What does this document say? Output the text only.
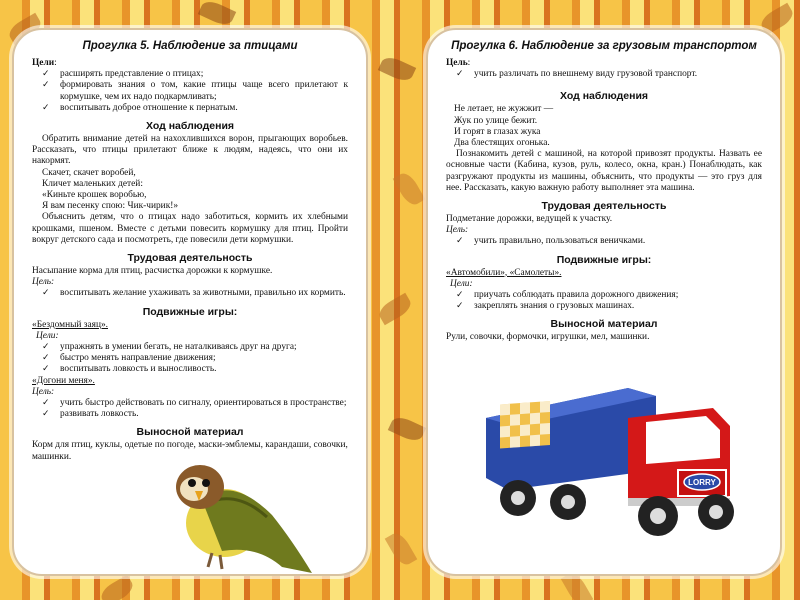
Прогулка 5. Наблюдение за птицами
Цели:
✓ расширять представление о птицах;
✓ формировать знания о том, какие птицы чаще всего прилетают к кормушке, чем их надо подкармливать;
✓ воспитывать доброе отношение к пернатым.
Ход наблюдения

Обратить внимание детей на нахохлившихся ворон, прыгающих воробьев. Рассказать, что птицы прилетают ближе к людям, надеясь, что они их накормят.

Скачет, скачет воробей,
Кличет маленьких детей:
«Киньте крошек воробью,
Я вам песенку спою: Чик-чирик!»

Объяснить детям, что о птицах надо заботиться, кормить их хлебными крошками, пшеном. Вместе с детьми повесить кормушку для птиц. Пройти вокруг детского сада и посмотреть, где повесили дети кормушки.

Трудовая деятельность
Насыпание корма для птиц, расчистка дорожки к кормушке.
Цель:
✓ воспитывать желание ухаживать за животными, правильно их кормить.
Подвижные игры:
«Бездомный заяц».
Цели:
✓ упражнять в умении бегать, не наталкиваясь друг на друга;
✓ быстро менять направление движения;
✓ воспитывать ловкость и выносливость.
«Догони меня».
Цель:
✓ учить быстро действовать по сигналу, ориентироваться в пространстве;
✓ развивать ловкость.
Выносной материал
Корм для птиц, куклы, одетые по погоде, маски-эмблемы, карандаши, совочки, машинки.
Прогулка 6. Наблюдение за грузовым транспортом
Цель:
✓ учить различать по внешнему виду грузовой транспорт.
Ход наблюдения
Не летает, не жужжит —
Жук по улице бежит.
И горят в глазах жука
Два блестящих огонька.

Познакомить детей с машиной, на которой привозят продукты. Назвать ее основные части (Кабина, кузов, руль, колесо, окна, кран.) Понаблюдать, как разгружают продукты из машины, объяснить, что продукты — это груз для нее. Рассказать, какую важную работу выполняет эта машина.

Трудовая деятельность
Подметание дорожки, ведущей к участку.
Цель:
✓ учить правильно, пользоваться веничками.
Подвижные игры:
«Автомобили», «Самолеты».
Цели:
✓ приучать соблюдать правила дорожного движения;
✓ закреплять знания о грузовых машинах.
Выносной материал
Рули, совочки, формочки, игрушки, мел, машинки.
LORRY
